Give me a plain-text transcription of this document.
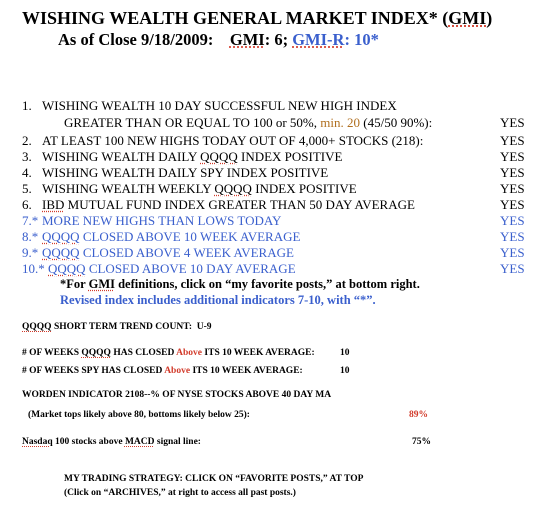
WISHING WEALTH GENERAL MARKET INDEX* (GMI)
As of Close 9/18/2009: GMI: 6; GMI-R: 10*
1. WISHING WEALTH 10 DAY SUCCESSFUL NEW HIGH INDEX
GREATER THAN OR EQUAL TO 100 or 50%, min. 20 (45/50 90%):	YES
2. AT LEAST 100 NEW HIGHS TODAY OUT OF 4,000+ STOCKS (218):	YES
3. WISHING WEALTH DAILY QQQQ INDEX POSITIVE	YES
4. WISHING WEALTH DAILY SPY INDEX POSITIVE	YES
5. WISHING WEALTH WEEKLY QQQQ INDEX POSITIVE	YES
6. IBD MUTUAL FUND INDEX GREATER THAN 50 DAY AVERAGE	YES
7.* MORE NEW HIGHS THAN LOWS TODAY	YES
8.* QQQQ CLOSED ABOVE 10 WEEK AVERAGE	YES
9.* QQQQ CLOSED ABOVE 4 WEEK AVERAGE	YES
10.* QQQQ CLOSED ABOVE 10 DAY AVERAGE	YES
*For GMI definitions, click on “my favorite posts,” at bottom right.
Revised index includes additional indicators 7-10, with “*”.
QQQQ SHORT TERM TREND COUNT: U-9
# OF WEEKS QQQQ HAS CLOSED Above ITS 10 WEEK AVERAGE:	10
# OF WEEKS SPY HAS CLOSED Above ITS 10 WEEK AVERAGE:	10
WORDEN INDICATOR 2108--% OF NYSE STOCKS ABOVE 40 DAY MA
(Market tops likely above 80, bottoms likely below 25):	89%
Nasdaq 100 stocks above MACD signal line:	75%
MY TRADING STRATEGY: CLICK ON “FAVORITE POSTS,” AT TOP
(Click on “ARCHIVES,” at right to access all past posts.)
